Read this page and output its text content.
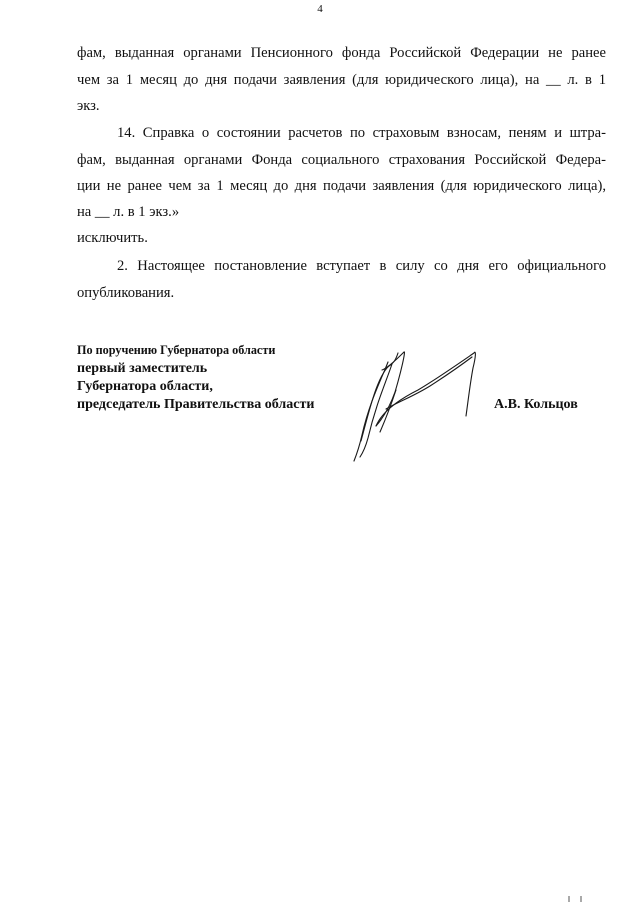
4
фам, выданная органами Пенсионного фонда Российской Федерации не ранее
чем за 1 месяц до дня подачи заявления (для юридического лица), на __ л. в 1
экз.
14. Справка о состоянии расчетов по страховым взносам, пеням и штра-
фам, выданная органами Фонда социального страхования Российской Федера-
ции не ранее чем за 1 месяц до дня подачи заявления (для юридического лица),
на __ л. в 1 экз.»
исключить.
2. Настоящее постановление вступает в силу со дня его официального
опубликования.
По поручению Губернатора области
первый заместитель
Губернатора области,
председатель Правительства области	А.В. Кольцов
